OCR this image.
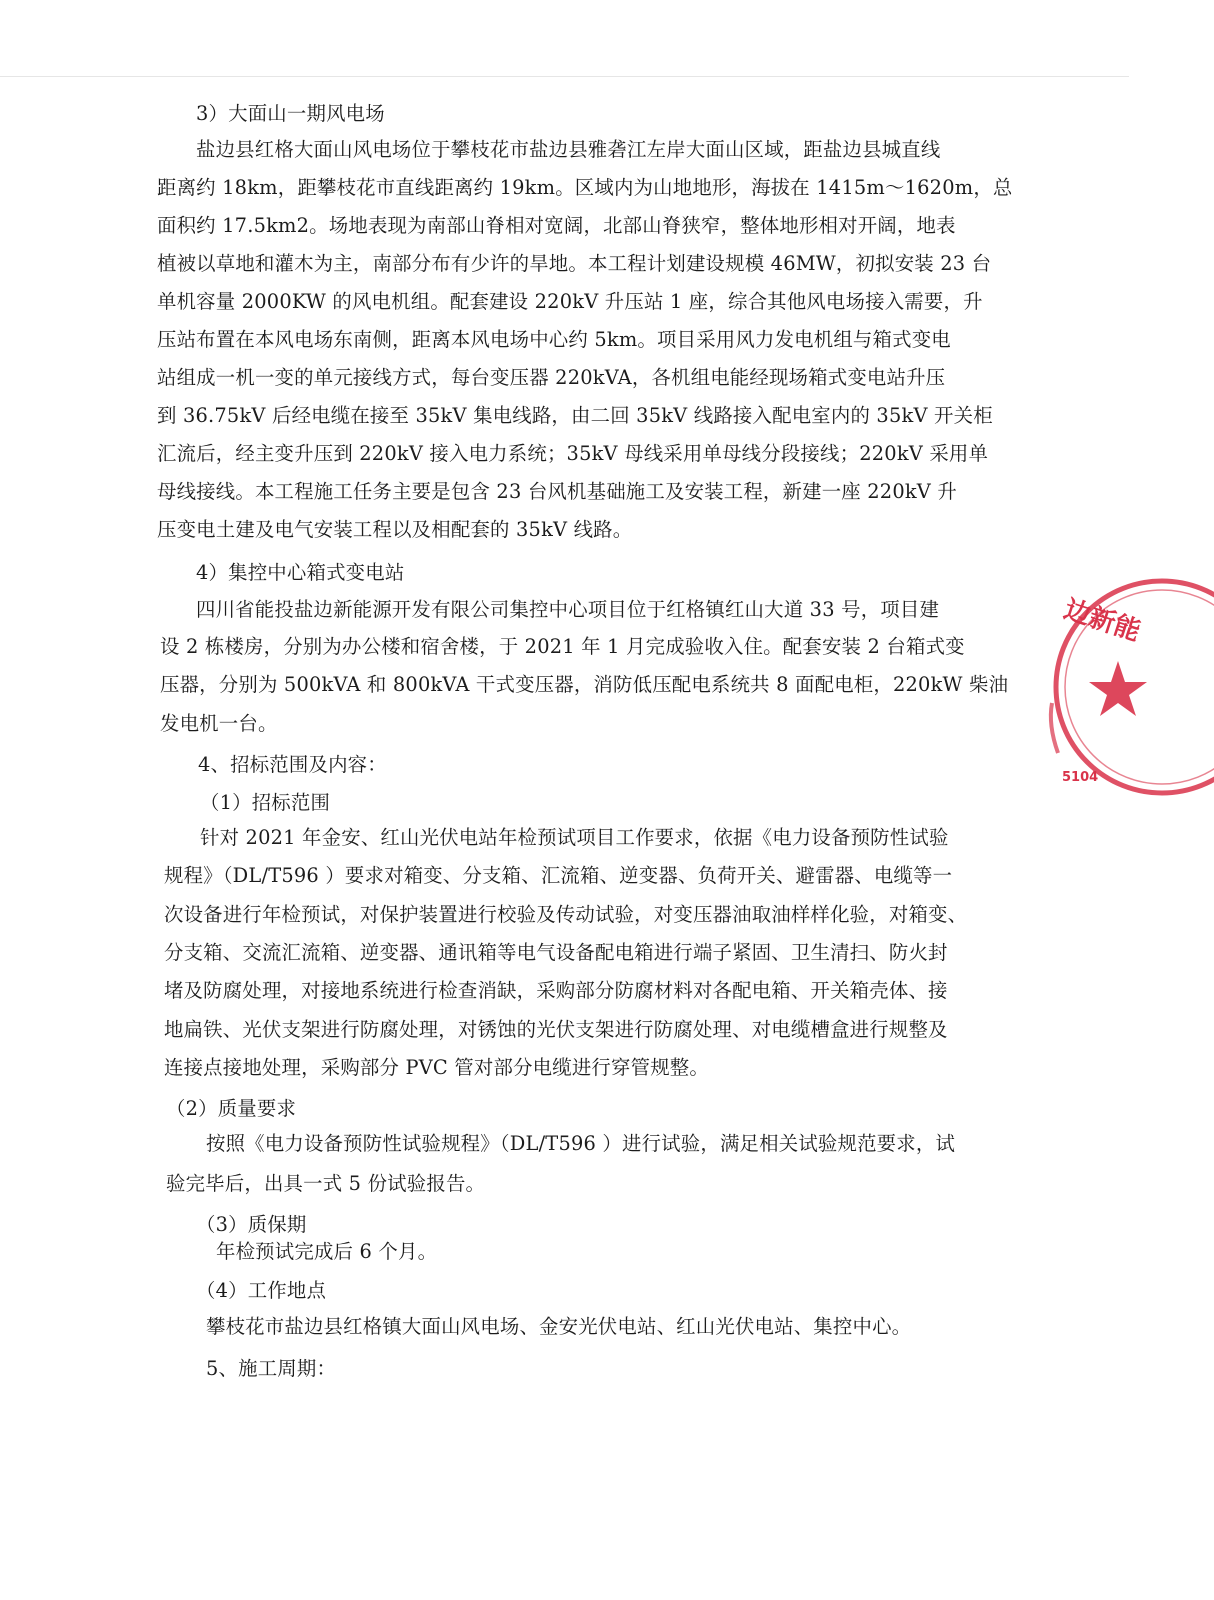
3）大面山一期风电场
盐边县红格大面山风电场位于攀枝花市盐边县雅砻江左岸大面山区域，距盐边县城直线
距离约 18km，距攀枝花市直线距离约 19km。区域内为山地地形，海拔在 1415m～1620m，总
面积约 17.5km2。场地表现为南部山脊相对宽阔，北部山脊狭窄，整体地形相对开阔，地表
植被以草地和灌木为主，南部分布有少许的旱地。本工程计划建设规模 46MW，初拟安装 23 台
单机容量 2000KW 的风电机组。配套建设 220kV 升压站 1 座，综合其他风电场接入需要，升
压站布置在本风电场东南侧，距离本风电场中心约 5km。项目采用风力发电机组与箱式变电
站组成一机一变的单元接线方式，每台变压器 220kVA，各机组电能经现场箱式变电站升压
到 36.75kV 后经电缆在接至 35kV 集电线路，由二回 35kV 线路接入配电室内的 35kV 开关柜
汇流后，经主变升压到 220kV 接入电力系统；35kV 母线采用单母线分段接线；220kV 采用单
母线接线。本工程施工任务主要是包含 23 台风机基础施工及安装工程，新建一座 220kV 升
压变电土建及电气安装工程以及相配套的 35kV 线路。
4）集控中心箱式变电站
四川省能投盐边新能源开发有限公司集控中心项目位于红格镇红山大道 33 号，项目建
设 2 栋楼房，分别为办公楼和宿舍楼，于 2021 年 1 月完成验收入住。配套安装 2 台箱式变
压器，分别为 500kVA 和 800kVA 干式变压器，消防低压配电系统共 8 面配电柜，220kW 柴油
发电机一台。
4、招标范围及内容：
（1）招标范围
针对 2021 年金安、红山光伏电站年检预试项目工作要求，依据《电力设备预防性试验
规程》（DL/T596 ）要求对箱变、分支箱、汇流箱、逆变器、负荷开关、避雷器、电缆等一
次设备进行年检预试，对保护装置进行校验及传动试验，对变压器油取油样样化验，对箱变、
分支箱、交流汇流箱、逆变器、通讯箱等电气设备配电箱进行端子紧固、卫生清扫、防火封
堵及防腐处理，对接地系统进行检查消缺，采购部分防腐材料对各配电箱、开关箱壳体、接
地扁铁、光伏支架进行防腐处理，对锈蚀的光伏支架进行防腐处理、对电缆槽盒进行规整及
连接点接地处理，采购部分 PVC 管对部分电缆进行穿管规整。
（2）质量要求
按照《电力设备预防性试验规程》（DL/T596 ）进行试验，满足相关试验规范要求，试
验完毕后，出具一式 5 份试验报告。
（3）质保期
年检预试完成后 6 个月。
（4）工作地点
攀枝花市盐边县红格镇大面山风电场、金安光伏电站、红山光伏电站、集控中心。
5、施工周期：
边新能
5104
